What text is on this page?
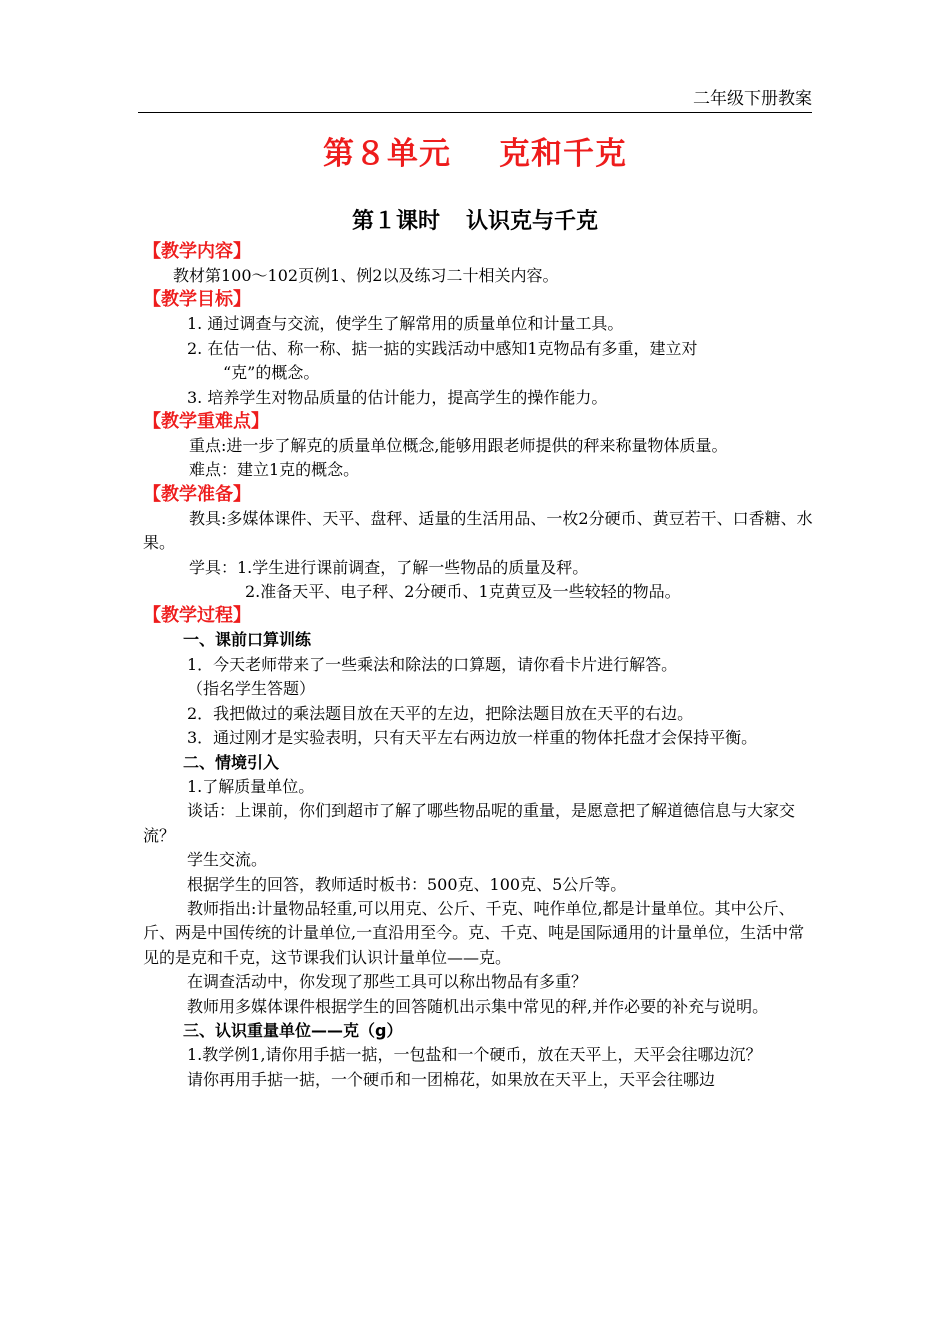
二年级下册教案
第８单元 克和千克
第１课时 认识克与千克

【教学内容】

教材第100～102页例1、例2以及练习二十相关内容。

【教学目标】

1. 通过调查与交流，使学生了解常用的质量单位和计量工具。

2. 在估一估、称一称、掂一掂的实践活动中感知1克物品有多重，建立对

“克”的概念。

3. 培养学生对物品质量的估计能力，提高学生的操作能力。

【教学重难点】

重点:进一步了解克的质量单位概念,能够用跟老师提供的秤来称量物体质量。

难点：建立1克的概念。

【教学准备】

教具:多媒体课件、天平、盘秤、适量的生活用品、一枚2分硬币、黄豆若干、口香糖、水果。

学具：1.学生进行课前调查，了解一些物品的质量及秤。

2.准备天平、电子秤、2分硬币、1克黄豆及一些较轻的物品。

【教学过程】

一、课前口算训练

1．今天老师带来了一些乘法和除法的口算题，请你看卡片进行解答。

（指名学生答题）

2．我把做过的乘法题目放在天平的左边，把除法题目放在天平的右边。

3．通过刚才是实验表明，只有天平左右两边放一样重的物体托盘才会保持平衡。

二、情境引入

1.了解质量单位。

谈话：上课前，你们到超市了解了哪些物品呢的重量，是愿意把了解道德信息与大家交流？

学生交流。

根据学生的回答，教师适时板书：500克、100克、5公斤等。

教师指出:计量物品轻重,可以用克、公斤、千克、吨作单位,都是计量单位。其中公斤、斤、两是中国传统的计量单位,一直沿用至今。克、千克、吨是国际通用的计量单位，生活中常见的是克和千克，这节课我们认识计量单位——克。

在调查活动中，你发现了那些工具可以称出物品有多重？

教师用多媒体课件根据学生的回答随机出示集中常见的秤,并作必要的补充与说明。

三、认识重量单位——克（g）

1.教学例1,请你用手掂一掂，一包盐和一个硬币，放在天平上，天平会往哪边沉？

请你再用手掂一掂，一个硬币和一团棉花，如果放在天平上，天平会往哪边
